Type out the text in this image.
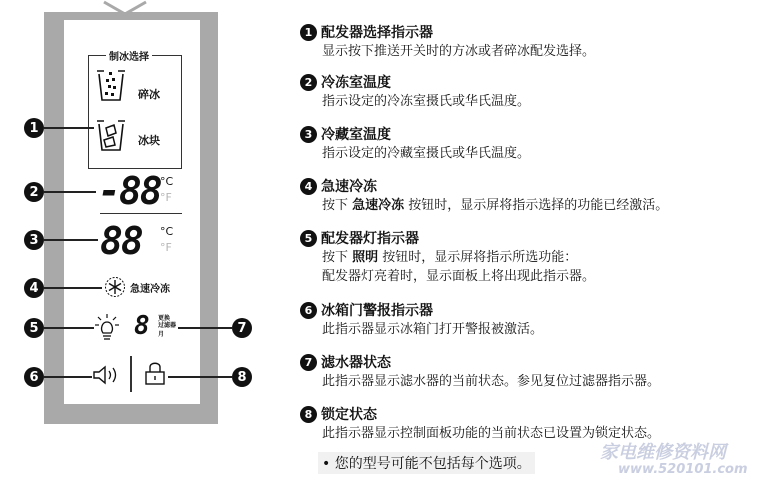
制冰选择
碎冰
冰块
-88 °C
°F
88 °C
°F
急速冷冻
8 更换
过滤器
月
1
2
3
4
5
6
7
8
1 配发器选择指示器
显示按下推送开关时的方冰或者碎冰配发选择。
2 冷冻室温度
指示设定的冷冻室摄氏或华氏温度。
3 冷藏室温度
指示设定的冷藏室摄氏或华氏温度。
4 急速冷冻
按下 急速冷冻 按钮时，显示屏将指示选择的功能已经激活。
5 配发器灯指示器
按下 照明 按钮时，显示屏将指示所选功能：
配发器灯亮着时，显示面板上将出现此指示器。
6 冰箱门警报指示器
此指示器显示冰箱门打开警报被激活。
7 滤水器状态
此指示器显示滤水器的当前状态。参见复位过滤器指示器。
8 锁定状态
此指示器显示控制面板功能的当前状态已设置为锁定状态。
• 您的型号可能不包括每个选项。
家电维修资料网
www.520101.com
